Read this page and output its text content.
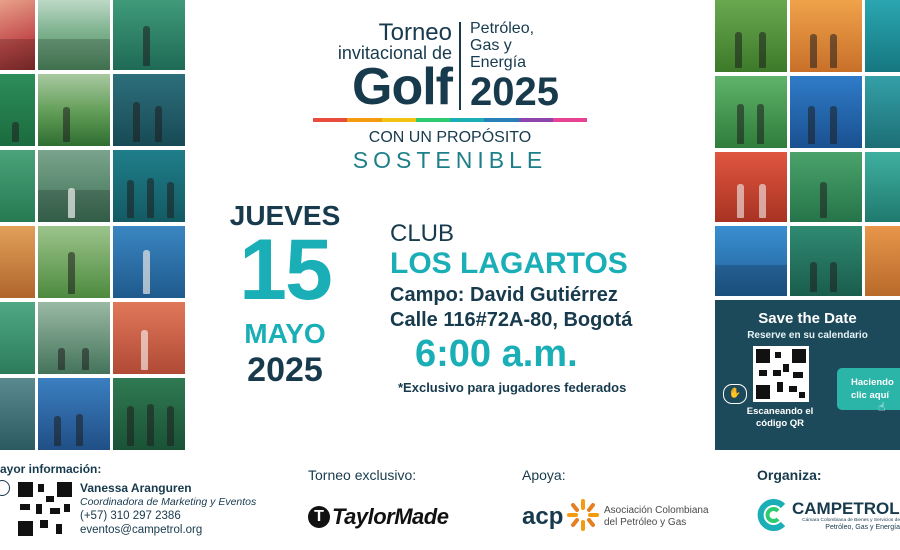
Save the Date
Reserve en su calendario
✋
Escaneando el
código QR
Haciendo
clic aquí
☝
Torneo
invitacional de
Golf
Petróleo,
Gas y
Energía
2025
CON UN PROPÓSITO
SOSTENIBLE
JUEVES
15
MAYO
2025
CLUB
LOS LAGARTOS
Campo: David Gutiérrez
Calle 116#72A-80, Bogotá
6:00 a.m.
*Exclusivo para jugadores federados
ayor información:
Vanessa Aranguren
Coordinadora de Marketing y Eventos
(+57) 310 297 2386
eventos@campetrol.org
Torneo exclusivo:
T TaylorMade
Apoya:
acp	Asociación Colombiana
del Petróleo y Gas
Organiza:
CAMPETROL
Cámara Colombiana de Bienes y Servicios de
Petróleo, Gas y Energía
